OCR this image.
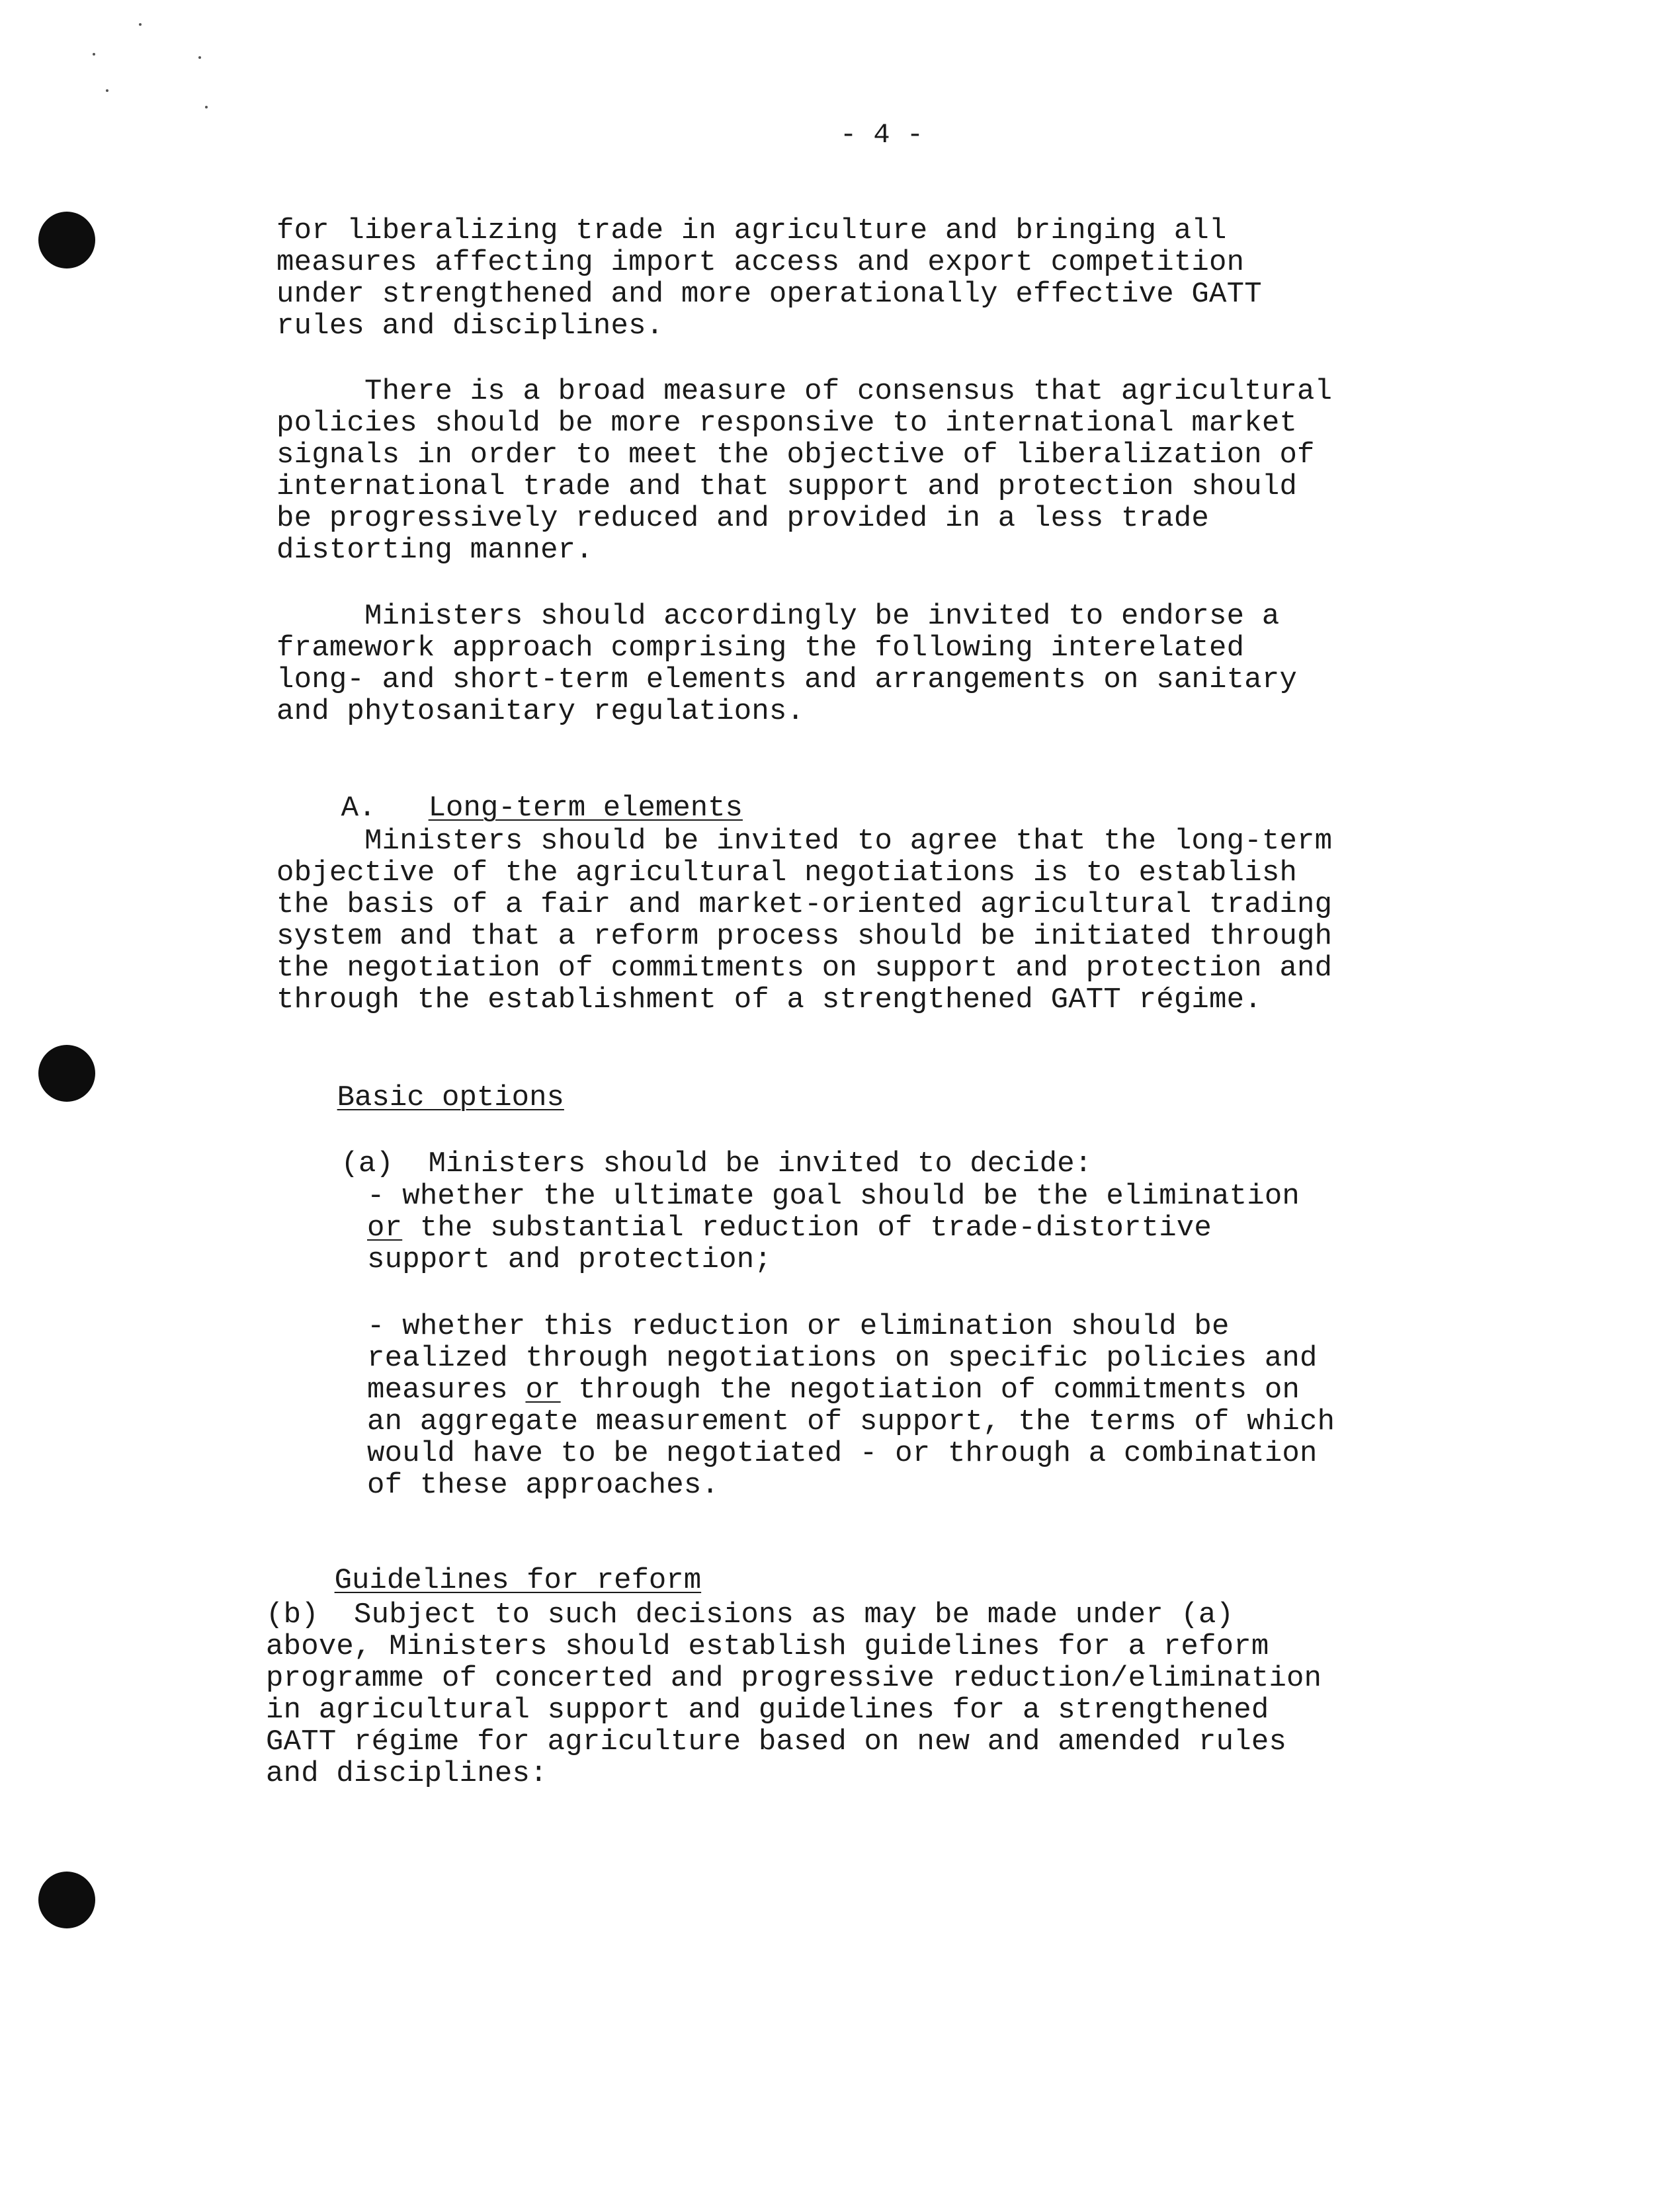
- 4 -
for liberalizing trade in agriculture and bringing all
measures affecting import access and export competition
under strengthened and more operationally effective GATT
rules and disciplines.
There is a broad measure of consensus that agricultural
policies should be more responsive to international market
signals in order to meet the objective of liberalization of
international trade and that support and protection should
be progressively reduced and provided in a less trade
distorting manner.
Ministers should accordingly be invited to endorse a
framework approach comprising the following interelated
long- and short-term elements and arrangements on sanitary
and phytosanitary regulations.

A. Long-term elements

Ministers should be invited to agree that the long-term
objective of the agricultural negotiations is to establish
the basis of a fair and market-oriented agricultural trading
system and that a reform process should be initiated through
the negotiation of commitments on support and protection and
through the establishment of a strengthened GATT régime.

Basic options

(a) Ministers should be invited to decide:

- whether the ultimate goal should be the elimination
or the substantial reduction of trade-distortive
support and protection;
- whether this reduction or elimination should be
realized through negotiations on specific policies and
measures or through the negotiation of commitments on
an aggregate measurement of support, the terms of which
would have to be negotiated - or through a combination
of these approaches.

Guidelines for reform

(b)  Subject to such decisions as may be made under (a)
above, Ministers should establish guidelines for a reform
programme of concerted and progressive reduction/elimination
in agricultural support and guidelines for a strengthened
GATT régime for agriculture based on new and amended rules
and disciplines:
